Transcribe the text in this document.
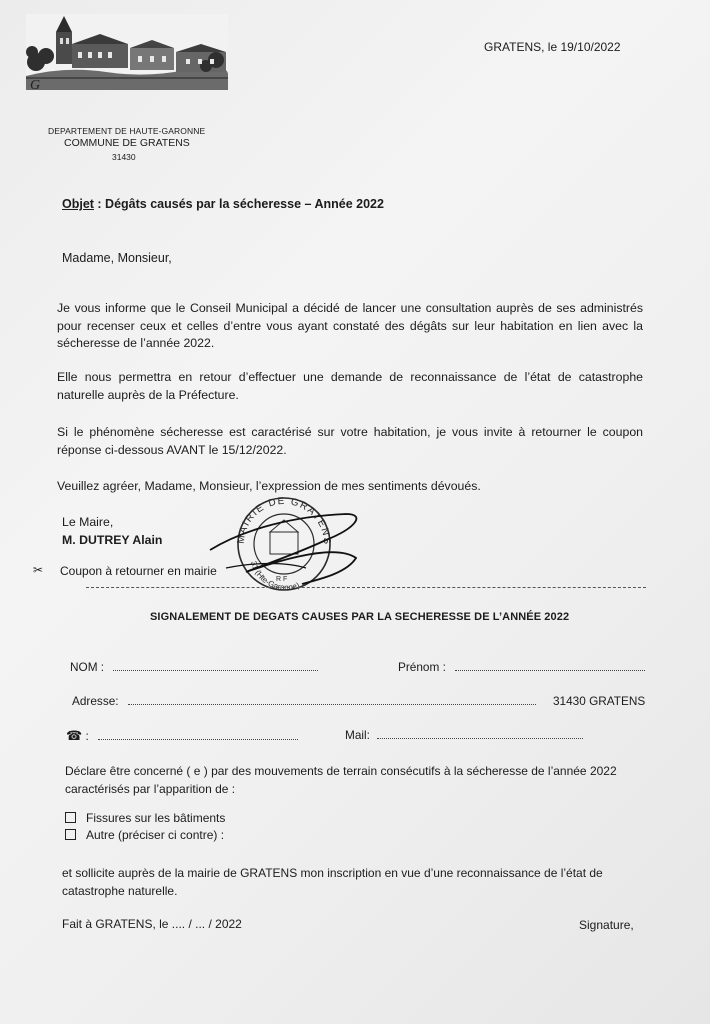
G
GRATENS, le 19/10/2022
DEPARTEMENT DE HAUTE-GARONNE
COMMUNE DE GRATENS
31430
Objet : Dégâts causés par la sécheresse – Année 2022
Madame, Monsieur,
Je vous informe que le Conseil Municipal a décidé de lancer une consultation auprès de ses administrés pour recenser ceux et celles d’entre vous ayant constaté des dégâts sur leur habitation en lien avec la sécheresse de l’année 2022.
Elle nous permettra en retour d’effectuer une demande de reconnaissance de l’état de catastrophe naturelle auprès de la Préfecture.
Si le phénomène sécheresse est caractérisé sur votre habitation, je vous invite à retourner le coupon réponse ci-dessous AVANT le 15/12/2022.
Veuillez agréer, Madame, Monsieur, l’expression de mes sentiments dévoués.
Le Maire,
M. DUTREY Alain	MAIRIE DE GRATENS
31 (Hte-Garonne)
R F
✂ Coupon à retourner en mairie
SIGNALEMENT DE DEGATS CAUSES PAR LA SECHERESSE DE L’ANNÉE 2022
NOM :	Prénom :
Adresse:	31430 GRATENS
☎ :	Mail:
Déclare être concerné ( e ) par des mouvements de terrain consécutifs à la sécheresse de l’année 2022 caractérisés par l’apparition de :
Fissures sur les bâtiments
Autre (préciser ci contre) :
et sollicite auprès de la mairie de GRATENS mon inscription en vue d’une reconnaissance de l’état de catastrophe naturelle.
Fait à GRATENS, le .... / ... / 2022	Signature,
